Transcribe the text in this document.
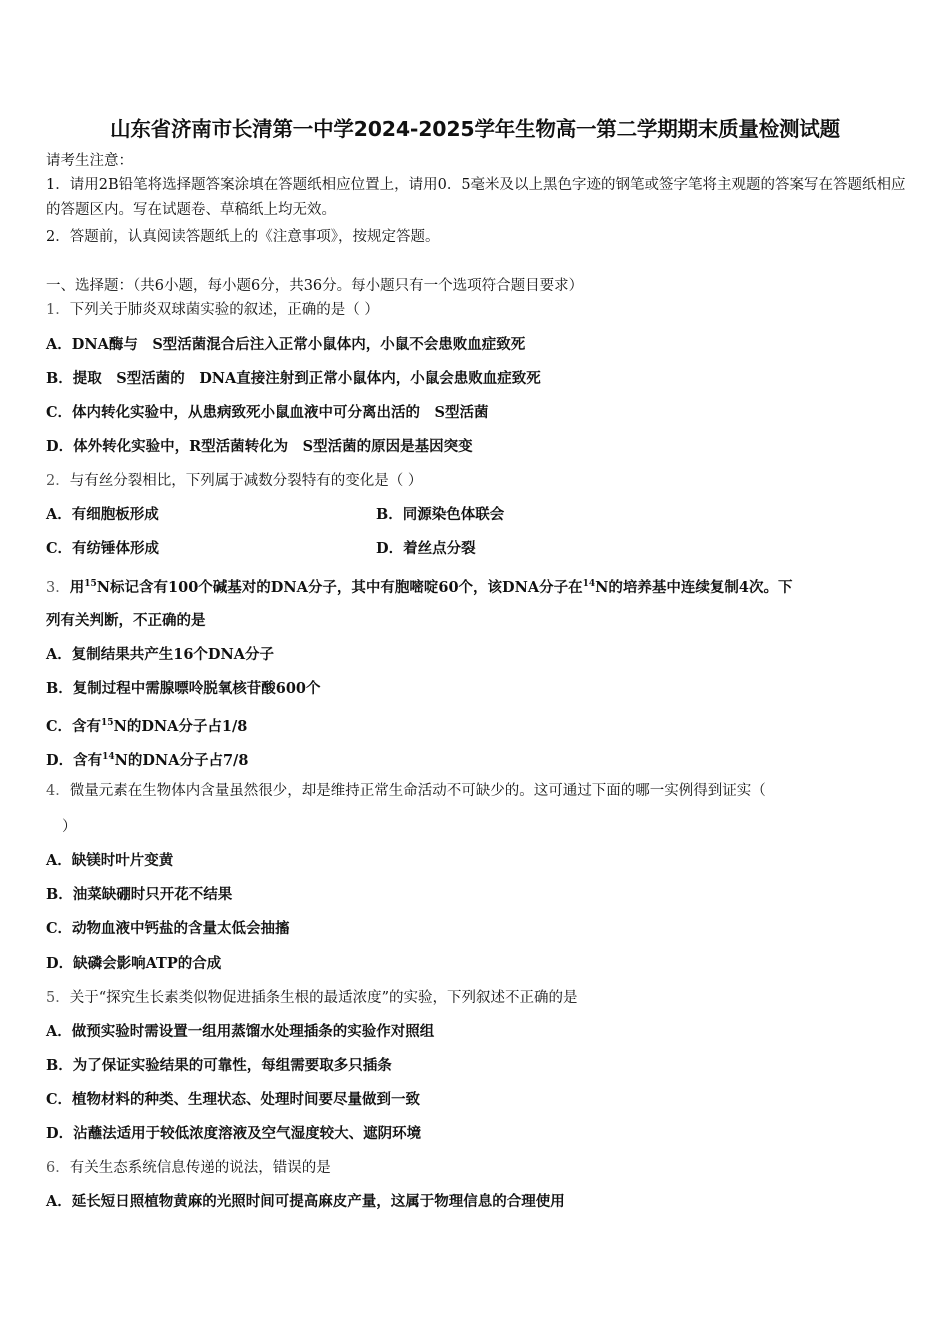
山东省济南市长清第一中学2024-2025学年生物高一第二学期期末质量检测试题
请考生注意：
1．请用2B铅笔将选择题答案涂填在答题纸相应位置上，请用0．5毫米及以上黑色字迹的钢笔或签字笔将主观题的答案写在答题纸相应的答题区内。写在试题卷、草稿纸上均无效。
2．答题前，认真阅读答题纸上的《注意事项》，按规定答题。
一、选择题：（共6小题，每小题6分，共36分。每小题只有一个选项符合题目要求）
1．下列关于肺炎双球菌实验的叙述，正确的是（ ）
A．DNA酶与　S型活菌混合后注入正常小鼠体内，小鼠不会患败血症致死
B．提取　S型活菌的　DNA直接注射到正常小鼠体内，小鼠会患败血症致死
C．体内转化实验中，从患病致死小鼠血液中可分离出活的　S型活菌
D．体外转化实验中，R型活菌转化为　S型活菌的原因是基因突变
2．与有丝分裂相比，下列属于减数分裂特有的变化是（ ）
A．有细胞板形成	B．同源染色体联会
C．有纺锤体形成	D．着丝点分裂
3．用$^{15}$N标记含有100个碱基对的DNA分子，其中有胞嘧啶60个，该DNA分子在$^{14}$N的培养基中连续复制4次。下
列有关判断，不正确的是
A．复制结果共产生16个DNA分子
B．复制过程中需腺嘌呤脱氧核苷酸600个
C．含有$^{15}$N的DNA分子占1/8
D．含有$^{14}$N的DNA分子占7/8
4．微量元素在生物体内含量虽然很少，却是维持正常生命活动不可缺少的。这可通过下面的哪一实例得到证实（
）
A．缺镁时叶片变黄
B．油菜缺硼时只开花不结果
C．动物血液中钙盐的含量太低会抽搐
D．缺磷会影响ATP的合成
5．关于“探究生长素类似物促进插条生根的最适浓度”的实验，下列叙述不正确的是
A．做预实验时需设置一组用蒸馏水处理插条的实验作对照组
B．为了保证实验结果的可靠性，每组需要取多只插条
C．植物材料的种类、生理状态、处理时间要尽量做到一致
D．沾蘸法适用于较低浓度溶液及空气湿度较大、遮阴环境
6．有关生态系统信息传递的说法，错误的是
A．延长短日照植物黄麻的光照时间可提高麻皮产量，这属于物理信息的合理使用
